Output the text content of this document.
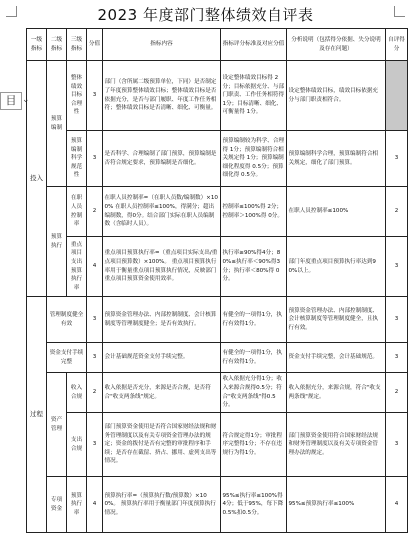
2023 年度部门整体绩效自评表
目 ⌄
一级指标	二级指标	三级指标	分值	指标内容	指标评分标准及对应分值	分析说明（包括得分依据、失分说明及存在问题）	自评得分
投入	预算编制	整体绩效目标合理性	3	部门（含所属二级预算单位，下同）是否制定了年度预算整体绩效目标；整体绩效目标是否依据充分，是否与部门履职、年度工作任务相符；整体绩效目标是否清晰、细化、可衡量。	设定整体绩效目标得 2分；目标依据充分、与部门职责、工作任务相符得 1分；目标清晰、细化、可衡量得 1分。	设定整体绩效目标，绩效目标依据充分与部门职责相符合。	
		预算编制科学规范性	3	是否科学、合理编制了部门预算，预算编制是否符合规定要求，预算编制是否细化。	预算编制较为科学、合理得 1分；预算编制符合相关规定得 1分；预算编制细化程度得 0.5分；预算细化得 0.5分。	预算编制科学合理，预算编制符合相关规定，细化了部门预算。	3
	预算执行	在职人员控制率	2	在职人员控制率=（在职人员数/编制数）×100% 在职人员控制率≤100%，得满分；超出编制数，得0分。结合部门实际在职人员编制数（含临时人员）。	控制率≤100%得 2分；控制率＞100%得 0分。	在职人员控制率≤100%	2
		重点项目支出预算执行率	4	重点项目预算执行率=（重点项目实际支出/重点项目预算数）×100%。 重点项目预算执行率用于衡量重点项目预算执行情况，反映部门重点项目预算资金使用效率。	执行率≥90%得4分；80%≤执行率＜90%得3分；执行率＜80%得 0分。	部门年度重点项目预算执行率达到90%以上。	3
过程	管理制度健全有效		3	预算资金管理办法、内部控制制度、会计核算制度等管理制度健全；是否有效执行。	有健全的一项得1分，执行有效得1分。	预算资金管理办法、内部控制制度、会计核算制度等管理制度健全，且执行有效。	3
	资金支付手续完整		3	会计基础规范资金支付手续完整。	有健全的一项得1分，执行有效得1分。	资金支付手续完整，会计基础规范。	3
	资产管理	收入合规	2	收入依据是否充分，来源是否合规，是否符合"收支两条线"规定。	收入依据充分得1分；收入来源合规得0.5分；符合"收支两条线"得0.5分。	收入依据充分，来源合规，符合"收支两条线"规定。	2
		支出合规	3	部门预算资金使用是否符合国家财经法规和财务管理制度以及有关专项资金管理办法的规定；资金的拨付是否有完整的审批程序和手续；是否存在截留、挤占、挪用、虚列支出等情况。	符合规定得1分；审批程序完整得1分；不存在违规行为得1分。	部门预算资金使用符合国家财经法规和财务管理制度以及有关专项资金管理办法的规定。	3
	专项资金	预算执行率	4	预算执行率=（预算执行数/预算数）×100%。 预算执行率用于衡量部门年度预算执行情况。	95%≤执行率≤100%得4分；低于95%，每下降0.5%扣0.5分。	95%≤预算执行率≤100%	4
